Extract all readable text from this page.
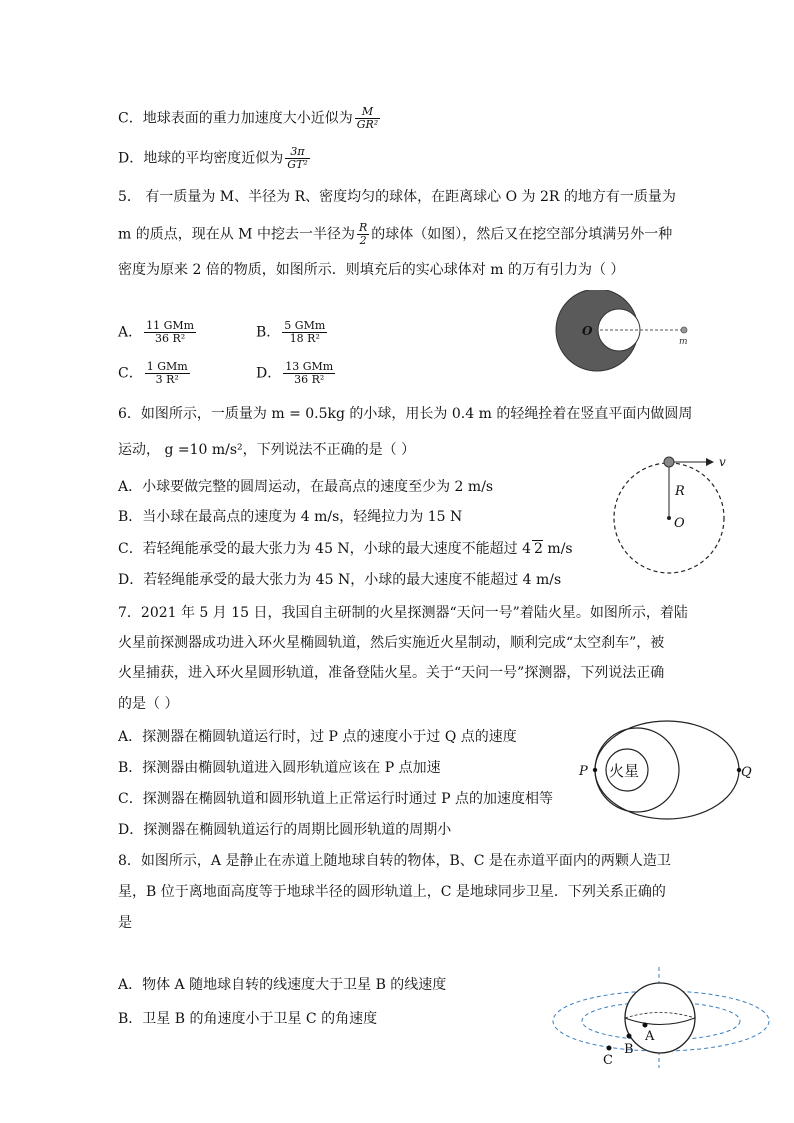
C．地球表面的重力加速度大小近似为 $\frac{M}{\text{GR²}}$
D．地球的平均密度近似为 $\frac{3\pi}{\text{GT²}}$
5． 有一质量为 M、半径为 R、密度均匀的球体，在距离球心 O 为 2R 的地方有一质量为
m 的质点，现在从 M 中挖去一半径为 $\frac{R}{2}$ 的球体（如图），然后又在挖空部分填满另外一种
密度为原来 2 倍的物质，如图所示．则填充后的实心球体对 m 的万有引力为（ ）
A． $\frac{\text{11 GMm}}{\text{36 R²}}$	B． $\frac{\text{5 GMm}}{\text{18 R²}}$
C． $\frac{\text{1 GMm}}{\text{3 R²}}$	D． $\frac{\text{13 GMm}}{\text{36 R²}}$
O
m
6．如图所示，一质量为 m = 0.5kg 的小球，用长为 0.4 m 的轻绳拴着在竖直平面内做圆周
运动， g =10 m/s²，下列说法不正确的是（ ）
A．小球要做完整的圆周运动，在最高点的速度至少为 2 m/s
B．当小球在最高点的速度为 4 m/s，轻绳拉力为 15 N
C．若轻绳能承受的最大张力为 45 N，小球的最大速度不能超过 4 2 m/s
D．若轻绳能承受的最大张力为 45 N，小球的最大速度不能超过 4 m/s
v
R
O
7．2021 年 5 月 15 日，我国自主研制的火星探测器“天问一号”着陆火星。如图所示，着陆
火星前探测器成功进入环火星椭圆轨道，然后实施近火星制动，顺利完成“太空刹车”，被
火星捕获，进入环火星圆形轨道，准备登陆火星。关于“天问一号”探测器，下列说法正确
的是（ ）
A．探测器在椭圆轨道运行时，过 P 点的速度小于过 Q 点的速度
B．探测器由椭圆轨道进入圆形轨道应该在 P 点加速
C．探测器在椭圆轨道和圆形轨道上正常运行时通过 P 点的加速度相等
D．探测器在椭圆轨道运行的周期比圆形轨道的周期小
火星
P	Q
8．如图所示，A 是静止在赤道上随地球自转的物体，B、C 是在赤道平面内的两颗人造卫
星，B 位于离地面高度等于地球半径的圆形轨道上，C 是地球同步卫星．下列关系正确的
是
A．物体 A 随地球自转的线速度大于卫星 B 的线速度
B．卫星 B 的角速度小于卫星 C 的角速度
A
B
C
